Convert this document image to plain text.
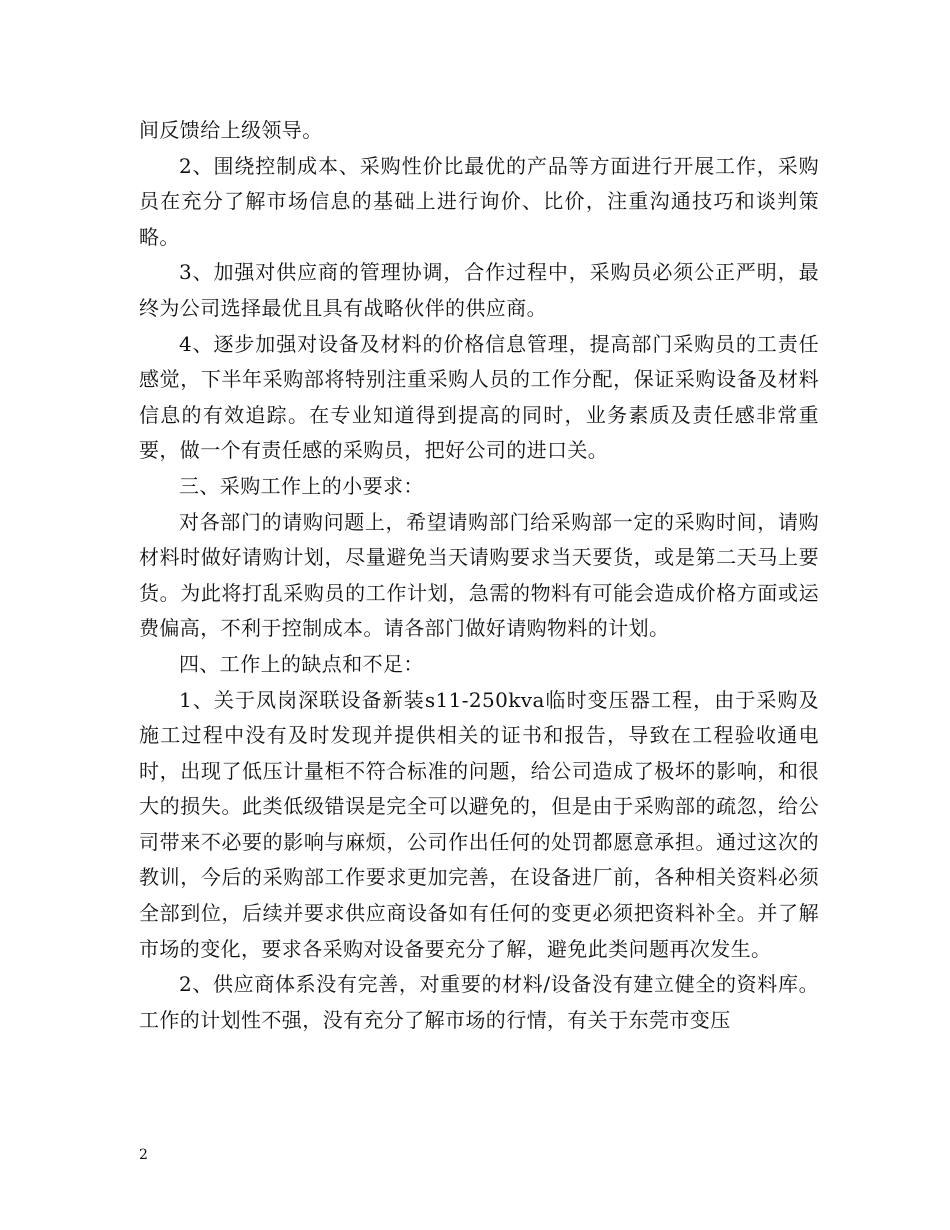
间反馈给上级领导。

2、围绕控制成本、采购性价比最优的产品等方面进行开展工作，采购员在充分了解市场信息的基础上进行询价、比价，注重沟通技巧和谈判策略。

3、加强对供应商的管理协调，合作过程中，采购员必须公正严明，最终为公司选择最优且具有战略伙伴的供应商。

4、逐步加强对设备及材料的价格信息管理，提高部门采购员的工责任感觉，下半年采购部将特别注重采购人员的工作分配，保证采购设备及材料信息的有效追踪。在专业知道得到提高的同时，业务素质及责任感非常重要，做一个有责任感的采购员，把好公司的进口关。

三、采购工作上的小要求：

对各部门的请购问题上，希望请购部门给采购部一定的采购时间，请购材料时做好请购计划，尽量避免当天请购要求当天要货，或是第二天马上要货。为此将打乱采购员的工作计划，急需的物料有可能会造成价格方面或运费偏高，不利于控制成本。请各部门做好请购物料的计划。

四、工作上的缺点和不足：

1、关于凤岗深联设备新装s11-250kva临时变压器工程，由于采购及施工过程中没有及时发现并提供相关的证书和报告，导致在工程验收通电时，出现了低压计量柜不符合标准的问题，给公司造成了极坏的影响，和很大的损失。此类低级错误是完全可以避免的，但是由于采购部的疏忽，给公司带来不必要的影响与麻烦，公司作出任何的处罚都愿意承担。通过这次的教训，今后的采购部工作要求更加完善，在设备进厂前，各种相关资料必须全部到位，后续并要求供应商设备如有任何的变更必须把资料补全。并了解市场的变化，要求各采购对设备要充分了解，避免此类问题再次发生。

2、供应商体系没有完善，对重要的材料/设备没有建立健全的资料库。工作的计划性不强，没有充分了解市场的行情，有关于东莞市变压

2
